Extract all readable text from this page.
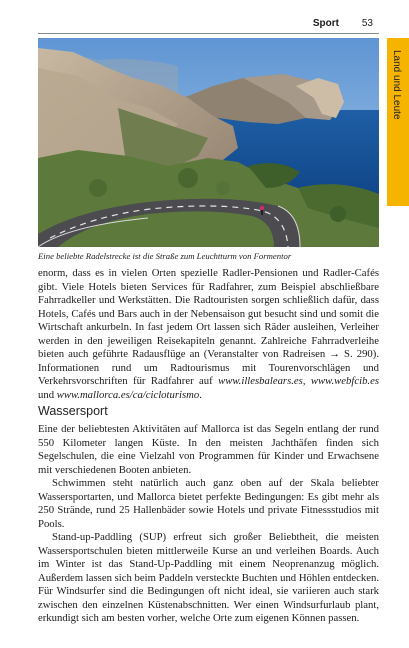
Sport 53
Land und Leute
Eine beliebte Radelstrecke ist die Straße zum Leuchtturm von Formentor

enorm, dass es in vielen Orten spezielle Radler-Pensionen und Radler-Cafés gibt. Viele Hotels bieten Services für Radfahrer, zum Beispiel abschließbare Fahrradkeller und Werkstätten. Die Radtouristen sorgen schließlich dafür, dass Hotels, Cafés und Bars auch in der Nebensaison gut besucht sind und somit die Wirtschaft ankurbeln. In fast jedem Ort lassen sich Räder ausleihen, Verleiher werden in den jeweiligen Reisekapiteln genannt. Zahlreiche Fahrradverleihe bieten auch geführte Radausflüge an (Veranstalter von Radreisen → S. 290). Informationen rund um Radtourismus mit Tourenvorschlägen und Verkehrsvorschriften für Radfahrer auf www.illesbalears.es, www.webfcib.es und www.mallorca.es/ca/cicloturismo.

Wassersport

Eine der beliebtesten Aktivitäten auf Mallorca ist das Segeln entlang der rund 550 Kilometer langen Küste. In den meisten Jachthäfen finden sich Segelschulen, die eine Vielzahl von Programmen für Kinder und Erwachsene mit verschiedenen Booten anbieten.

Schwimmen steht natürlich auch ganz oben auf der Skala beliebter Wassersportarten, und Mallorca bietet perfekte Bedingungen: Es gibt mehr als 250 Strände, rund 25 Hallenbäder sowie Hotels und private Fitnessstudios mit Pools.

Stand-up-Paddling (SUP) erfreut sich großer Beliebtheit, die meisten Wassersportschulen bieten mittlerweile Kurse an und verleihen Boards. Auch im Winter ist das Stand-Up-Paddling mit einem Neoprenanzug möglich. Außerdem lassen sich beim Paddeln versteckte Buchten und Höhlen entdecken. Für Windsurfer sind die Bedingungen oft nicht ideal, sie variieren auch stark zwischen den einzelnen Küstenabschnitten. Wer einen Windsurfurlaub plant, erkundigt sich am besten vorher, welche Orte zum eigenen Können passen.
